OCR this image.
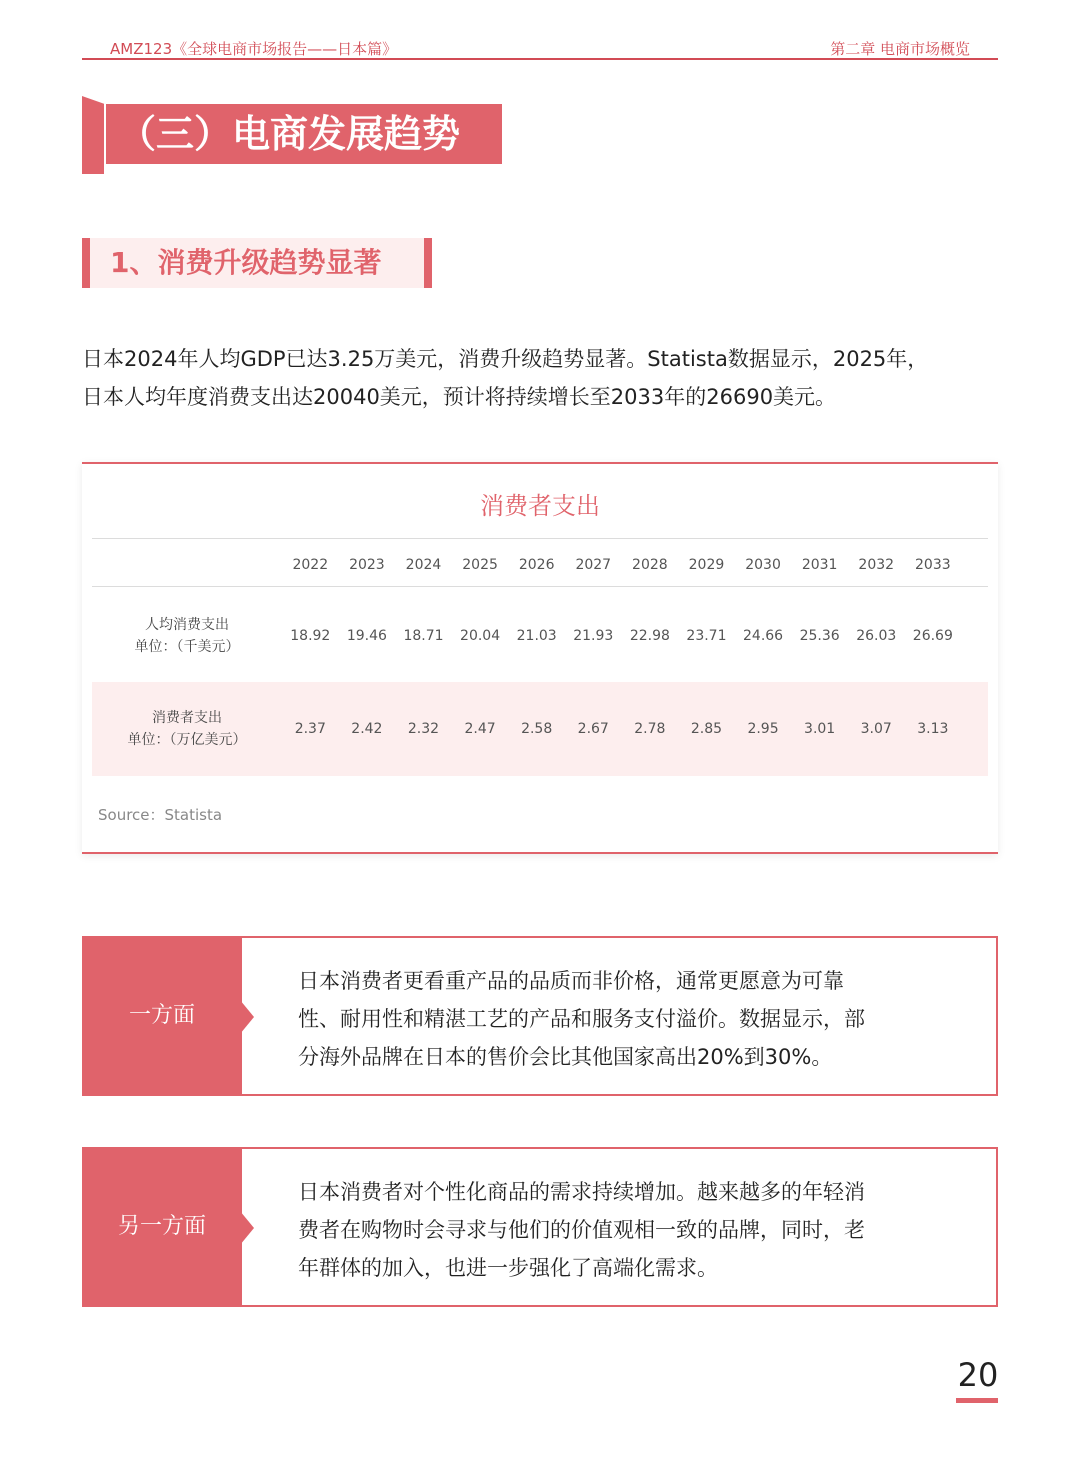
AMZ123《全球电商市场报告——日本篇》	第二章 电商市场概览
（三）电商发展趋势
1、消费升级趋势显著

日本2024年人均GDP已达3.25万美元，消费升级趋势显著。Statista数据显示，2025年，

日本人均年度消费支出达20040美元，预计将持续增长至2033年的26690美元。

消费者支出
2022	2023	2024	2025	2026	2027	2028	2029	2030	2031	2032	2033
人均消费支出
单位：（千美元）
18.92	19.46	18.71	20.04	21.03	21.93	22.98	23.71	24.66	25.36	26.03	26.69
消费者支出
单位：（万亿美元）
2.37	2.42	2.32	2.47	2.58	2.67	2.78	2.85	2.95	3.01	3.07	3.13
Source：Statista
一方面
日本消费者更看重产品的品质而非价格，通常更愿意为可靠
性、耐用性和精湛工艺的产品和服务支付溢价。数据显示，部
分海外品牌在日本的售价会比其他国家高出20%到30%。
另一方面
日本消费者对个性化商品的需求持续增加。越来越多的年轻消
费者在购物时会寻求与他们的价值观相一致的品牌，同时，老
年群体的加入，也进一步强化了高端化需求。
20
